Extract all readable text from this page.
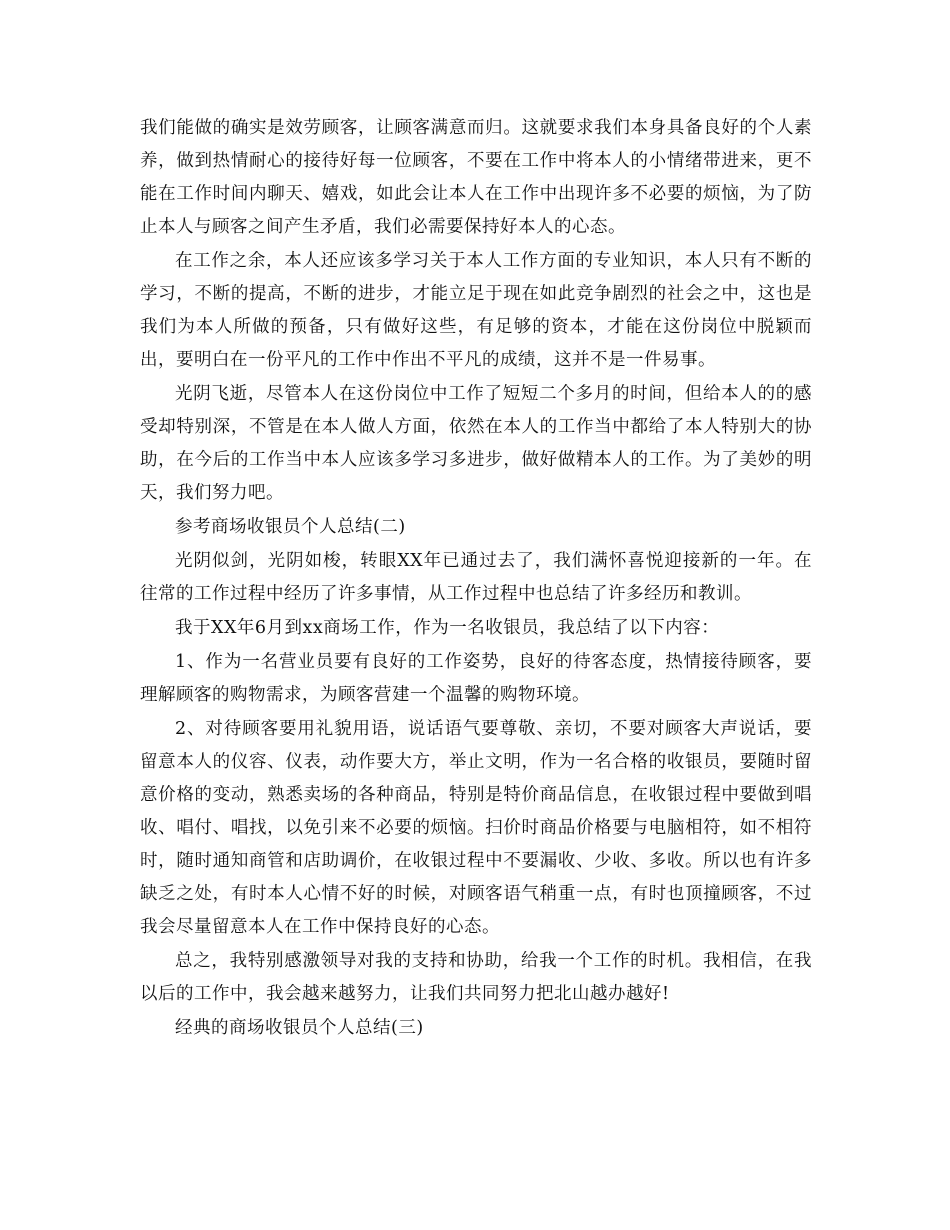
我们能做的确实是效劳顾客，让顾客满意而归。这就要求我们本身具备良好的个人素养，做到热情耐心的接待好每一位顾客，不要在工作中将本人的小情绪带进来，更不能在工作时间内聊天、嬉戏，如此会让本人在工作中出现许多不必要的烦恼，为了防止本人与顾客之间产生矛盾，我们必需要保持好本人的心态。

在工作之余，本人还应该多学习关于本人工作方面的专业知识，本人只有不断的学习，不断的提高，不断的进步，才能立足于现在如此竞争剧烈的社会之中，这也是我们为本人所做的预备，只有做好这些，有足够的资本，才能在这份岗位中脱颖而出，要明白在一份平凡的工作中作出不平凡的成绩，这并不是一件易事。

光阴飞逝，尽管本人在这份岗位中工作了短短二个多月的时间，但给本人的的感受却特别深，不管是在本人做人方面，依然在本人的工作当中都给了本人特别大的协助，在今后的工作当中本人应该多学习多进步，做好做精本人的工作。为了美妙的明天，我们努力吧。

参考商场收银员个人总结(二)

光阴似剑，光阴如梭，转眼XX年已通过去了，我们满怀喜悦迎接新的一年。在往常的工作过程中经历了许多事情，从工作过程中也总结了许多经历和教训。

我于XX年6月到xx商场工作，作为一名收银员，我总结了以下内容：

1、作为一名营业员要有良好的工作姿势，良好的待客态度，热情接待顾客，要理解顾客的购物需求，为顾客营建一个温馨的购物环境。

2、对待顾客要用礼貌用语，说话语气要尊敬、亲切，不要对顾客大声说话，要留意本人的仪容、仪表，动作要大方，举止文明，作为一名合格的收银员，要随时留意价格的变动，熟悉卖场的各种商品，特别是特价商品信息，在收银过程中要做到唱收、唱付、唱找，以免引来不必要的烦恼。扫价时商品价格要与电脑相符，如不相符时，随时通知商管和店助调价，在收银过程中不要漏收、少收、多收。所以也有许多缺乏之处，有时本人心情不好的时候，对顾客语气稍重一点，有时也顶撞顾客，不过我会尽量留意本人在工作中保持良好的心态。

总之，我特别感激领导对我的支持和协助，给我一个工作的时机。我相信，在我以后的工作中，我会越来越努力，让我们共同努力把北山越办越好!

经典的商场收银员个人总结(三)
